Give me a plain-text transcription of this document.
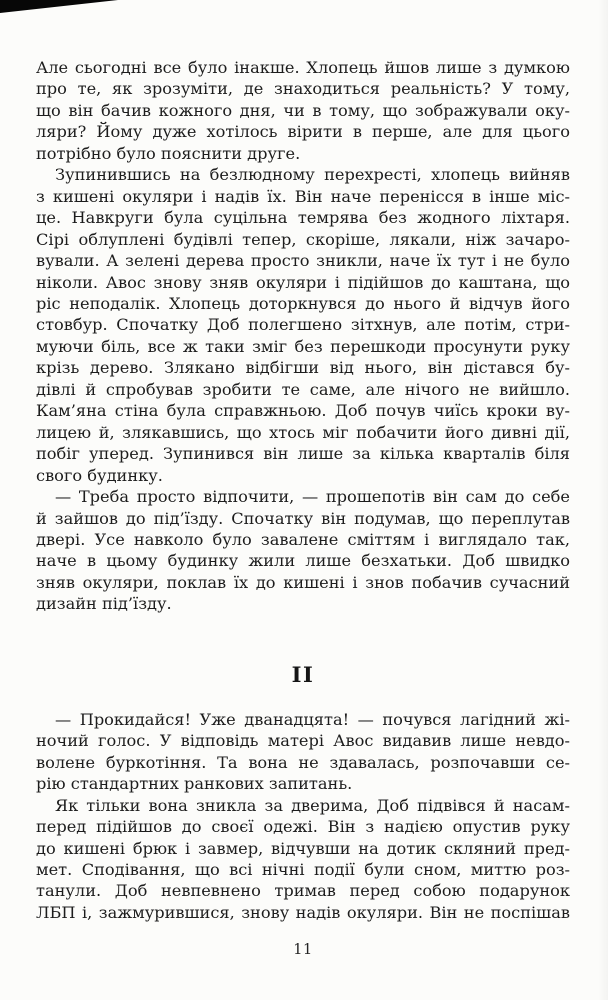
Але сьогодні все було інакше. Хлопець йшов лише з думкою
про те, як зрозуміти, де знаходиться реальність? У тому,
що він бачив кожного дня, чи в тому, що зображували оку-
ляри? Йому дуже хотілось вірити в перше, але для цього
потрібно було пояснити друге.

Зупинившись на безлюдному перехресті, хлопець вийняв
з кишені окуляри і надів їх. Він наче перенісся в інше міс-
це. Навкруги була суцільна темрява без жодного ліхтаря.
Сірі облуплені будівлі тепер, скоріше, лякали, ніж зачаро-
вували. А зелені дерева просто зникли, наче їх тут і не було
ніколи. Авос знову зняв окуляри і підійшов до каштана, що
ріс неподалік. Хлопець доторкнувся до нього й відчув його
стовбур. Спочатку Доб полегшено зітхнув, але потім, стри-
муючи біль, все ж таки зміг без перешкоди просунути руку
крізь дерево. Злякано відбігши від нього, він дістався бу-
дівлі й спробував зробити те саме, але нічого не вийшло.
Кам’яна стіна була справжньою. Доб почув чиїсь кроки ву-
лицею й, злякавшись, що хтось міг побачити його дивні дії,
побіг уперед. Зупинився він лише за кілька кварталів біля
свого будинку.

— Треба просто відпочити, — прошепотів він сам до себе
й зайшов до під’їзду. Спочатку він подумав, що переплутав
двері. Усе навколо було завалене сміттям і виглядало так,
наче в цьому будинку жили лише безхатьки. Доб швидко
зняв окуляри, поклав їх до кишені і знов побачив сучасний
дизайн під’їзду.

II

— Прокидайся! Уже дванадцята! — почувся лагідний жі-
ночий голос. У відповідь матері Авос видавив лише невдо-
волене буркотіння. Та вона не здавалась, розпочавши се-
рію стандартних ранкових запитань.

Як тільки вона зникла за дверима, Доб підвівся й насам-
перед підійшов до своєї одежі. Він з надією опустив руку
до кишені брюк і завмер, відчувши на дотик скляний пред-
мет. Сподівання, що всі нічні події були сном, миттю роз-
танули. Доб невпевнено тримав перед собою подарунок
ЛБП і, зажмурившися, знову надів окуляри. Він не поспішав

11
